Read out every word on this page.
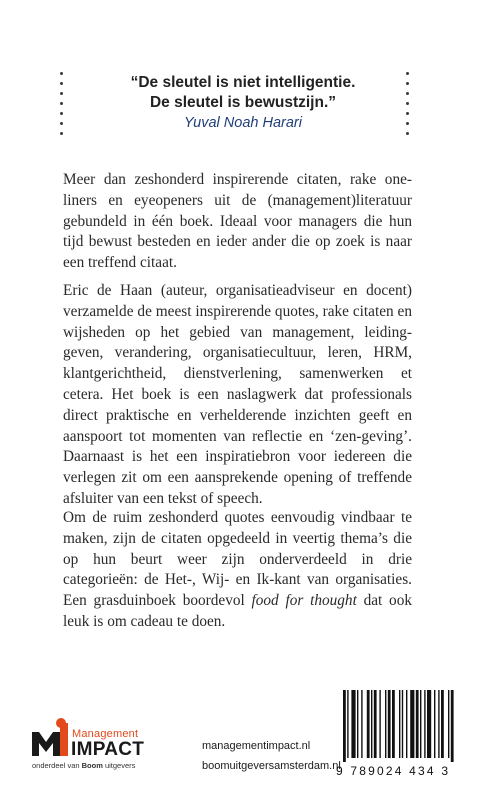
“De sleutel is niet intelligentie.
De sleutel is bewustzijn.”
Yuval Noah Harari
Meer dan zeshonderd inspirerende citaten, rake one-liners en eyeopeners uit de (management)literatuur gebundeld in één boek. Ideaal voor managers die hun tijd bewust besteden en ieder ander die op zoek is naar een treffend citaat.
Eric de Haan (auteur, organisatieadviseur en docent) verzamelde de meest inspirerende quotes, rake citaten en wijsheden op het gebied van management, leiding-geven, verandering, organisatiecultuur, leren, HRM, klantgerichtheid, dienstverlening, samenwerken et cetera. Het boek is een naslagwerk dat professionals direct praktische en verhelderende inzichten geeft en aanspoort tot momenten van reflectie en ‘zen-geving’. Daarnaast is het een inspiratiebron voor iedereen die verlegen zit om een aansprekende opening of treffende afsluiter van een tekst of speech.
Om de ruim zeshonderd quotes eenvoudig vindbaar te maken, zijn de citaten opgedeeld in veertig thema’s die op hun beurt weer zijn onderverdeeld in drie categorieën: de Het-, Wij- en Ik-kant van organisaties. Een grasduinboek boordevol food for thought dat ook leuk is om cadeau te doen.
Management
IMPACT
onderdeel van Boom uitgevers
managementimpact.nl
boomuitgeversamsterdam.nl
9 789024 434 3
